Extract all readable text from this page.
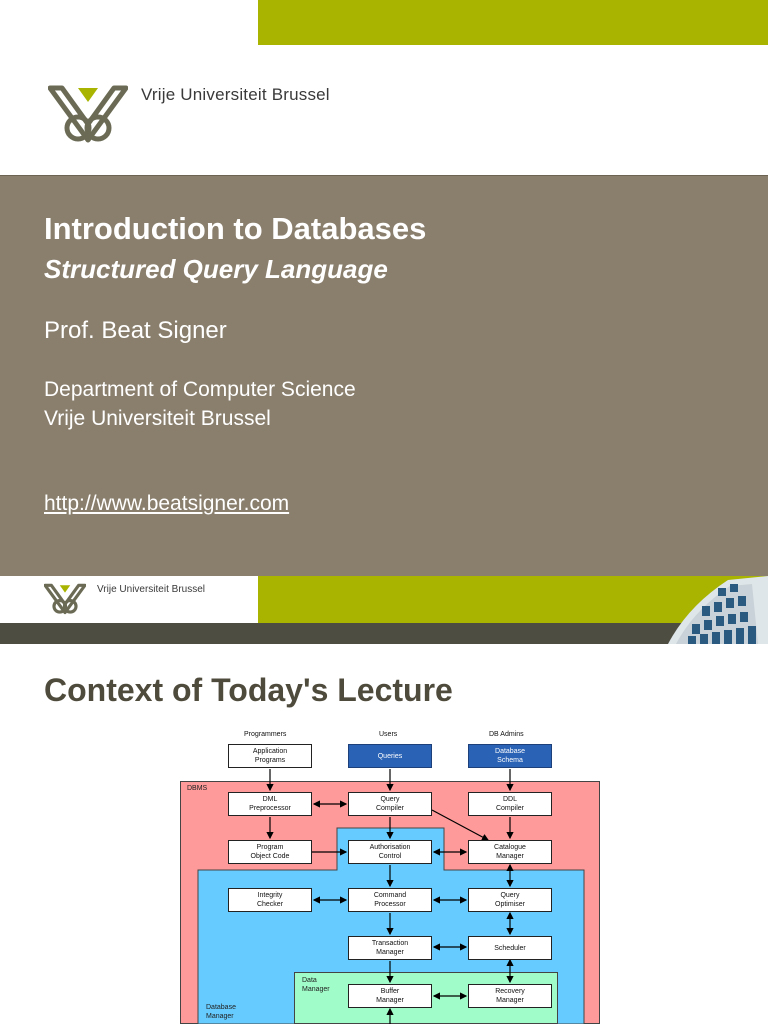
Vrije Universiteit Brussel
Introduction to Databases
Structured Query Language
Prof. Beat Signer
Department of Computer Science
Vrije Universiteit Brussel
http://www.beatsigner.com
Vrije Universiteit Brussel
Context of Today's Lecture
DBMS
Database
Manager
Data
Manager
Programmers	Users	DB Admins
Application
Programs
Queries
Database
Schema
DML
Preprocessor
Query
Compiler
DDL
Compiler
Program
Object Code
Authorisation
Control
Catalogue
Manager
Integrity
Checker
Command
Processor
Query
Optimiser
Transaction
Manager
Scheduler
Buffer
Manager
Recovery
Manager
